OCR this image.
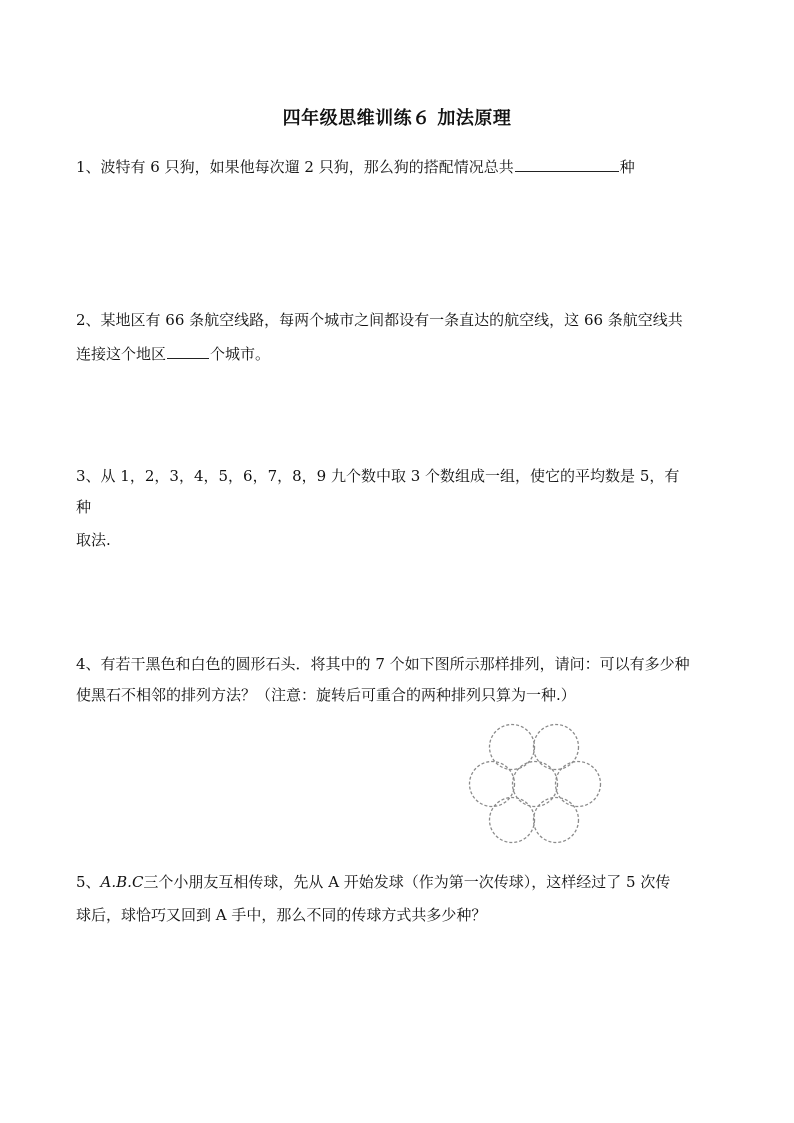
四年级思维训练６ 加法原理
1、波特有 6 只狗，如果他每次遛 2 只狗，那么狗的搭配情况总共	种
2、某地区有 66 条航空线路，每两个城市之间都设有一条直达的航空线，这 66 条航空线共
连接这个地区	个城市。
3、从 1，2，3，4，5，6，7，8，9 九个数中取 3 个数组成一组，使它的平均数是 5，有
种
取法.
4、有若干黑色和白色的圆形石头．将其中的 7 个如下图所示那样排列，请问：可以有多少种
使黑石不相邻的排列方法？（注意：旋转后可重合的两种排列只算为一种.）
5、A.B.C三个小朋友互相传球，先从 A 开始发球（作为第一次传球），这样经过了 5 次传
球后，球恰巧又回到 A 手中，那么不同的传球方式共多少种？
